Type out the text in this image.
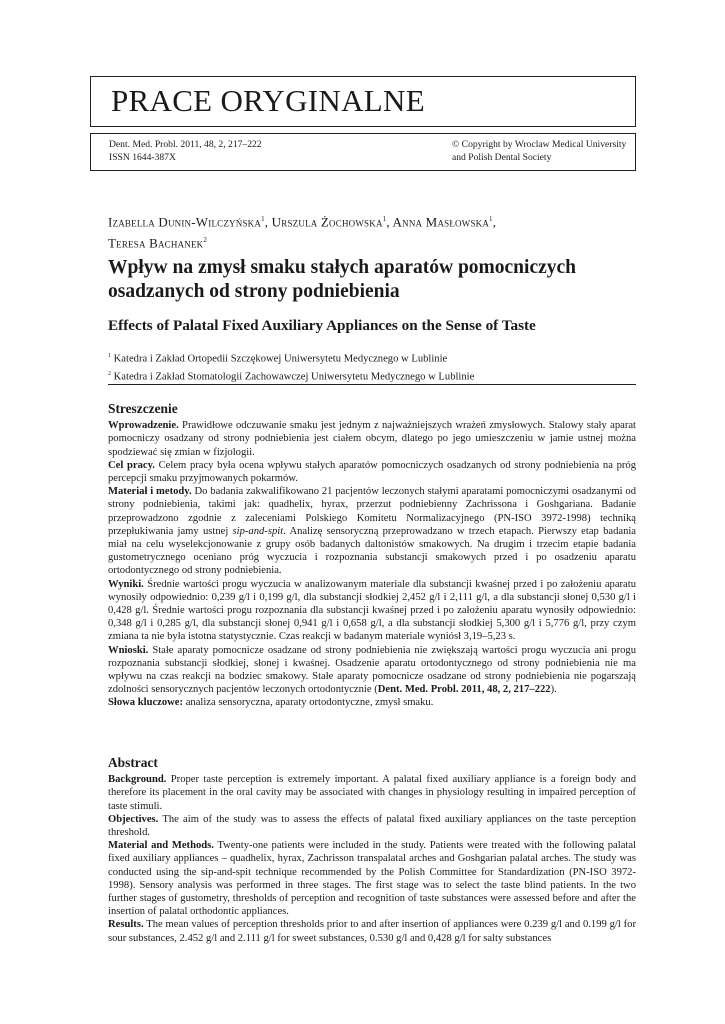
PRACE ORYGINALNE
Dent. Med. Probl. 2011, 48, 2, 217–222
ISSN 1644-387X
© Copyright by Wroclaw Medical University
and Polish Dental Society
Izabella Dunin-Wilczyńska$^1$, Urszula Żochowska$^1$, Anna Masłowska$^1$,
Teresa Bachanek$^2$
Wpływ na zmysł smaku stałych aparatów pomocniczych osadzanych od strony podniebienia
Effects of Palatal Fixed Auxiliary Appliances on the Sense of Taste
$^1$ Katedra i Zakład Ortopedii Szczękowej Uniwersytetu Medycznego w Lublinie
$^2$ Katedra i Zakład Stomatologii Zachowawczej Uniwersytetu Medycznego w Lublinie
Streszczenie

Wprowadzenie. Prawidłowe odczuwanie smaku jest jednym z najważniejszych wrażeń zmysłowych. Stalowy stały aparat pomocniczy osadzany od strony podniebienia jest ciałem obcym, dlatego po jego umieszczeniu w jamie ustnej można spodziewać się zmian w fizjologii.

Cel pracy. Celem pracy była ocena wpływu stałych aparatów pomocniczych osadzanych od strony podniebienia na próg percepcji smaku przyjmowanych pokarmów.

Materiał i metody. Do badania zakwalifikowano 21 pacjentów leczonych stałymi aparatami pomocniczymi osadzanymi od strony podniebienia, takimi jak: quadhelix, hyrax, przerzut podniebienny Zachrissona i Goshgariana. Badanie przeprowadzono zgodnie z zaleceniami Polskiego Komitetu Normalizacyjnego (PN-ISO 3972-1998) techniką przepłukiwania jamy ustnej sip-and-spit. Analizę sensoryczną przeprowadzano w trzech etapach. Pierwszy etap badania miał na celu wyselekcjonowanie z grupy osób badanych daltonistów smakowych. Na drugim i trzecim etapie badania gustometrycznego oceniano próg wyczucia i rozpoznania substancji smakowych przed i po osadzeniu aparatu ortodontycznego od strony podniebienia.

Wyniki. Średnie wartości progu wyczucia w analizowanym materiale dla substancji kwaśnej przed i po założeniu aparatu wynosiły odpowiednio: 0,239 g/l i 0,199 g/l, dla substancji słodkiej 2,452 g/l i 2,111 g/l, a dla substancji słonej 0,530 g/l i 0,428 g/l. Średnie wartości progu rozpoznania dla substancji kwaśnej przed i po założeniu aparatu wynosiły odpowiednio: 0,348 g/l i 0,285 g/l, dla substancji słonej 0,941 g/l i 0,658 g/l, a dla substancji słodkiej 5,300 g/l i 5,776 g/l, przy czym zmiana ta nie była istotna statystycznie. Czas reakcji w badanym materiale wyniósł 3,19–5,23 s.

Wnioski. Stałe aparaty pomocnicze osadzane od strony podniebienia nie zwiększają wartości progu wyczucia ani progu rozpoznania substancji słodkiej, słonej i kwaśnej. Osadzenie aparatu ortodontycznego od strony podniebienia nie ma wpływu na czas reakcji na bodziec smakowy. Stałe aparaty pomocnicze osadzane od strony podniebienia nie pogarszają zdolności sensorycznych pacjentów leczonych ortodontycznie (Dent. Med. Probl. 2011, 48, 2, 217–222).

Słowa kluczowe: analiza sensoryczna, aparaty ortodontyczne, zmysł smaku.

Abstract

Background. Proper taste perception is extremely important. A palatal fixed auxiliary appliance is a foreign body and therefore its placement in the oral cavity may be associated with changes in physiology resulting in impaired perception of taste stimuli.

Objectives. The aim of the study was to assess the effects of palatal fixed auxiliary appliances on the taste perception threshold.

Material and Methods. Twenty-one patients were included in the study. Patients were treated with the following palatal fixed auxiliary appliances – quadhelix, hyrax, Zachrisson transpalatal arches and Goshgarian palatal arches. The study was conducted using the sip-and-spit technique recommended by the Polish Committee for Standardization (PN-ISO 3972-1998). Sensory analysis was performed in three stages. The first stage was to select the taste blind patients. In the two further stages of gustometry, thresholds of perception and recognition of taste substances were assessed before and after the insertion of palatal orthodontic appliances.

Results. The mean values of perception thresholds prior to and after insertion of appliances were 0.239 g/l and 0.199 g/l for sour substances, 2.452 g/l and 2.111 g/l for sweet substances, 0.530 g/l and 0,428 g/l for salty substances
